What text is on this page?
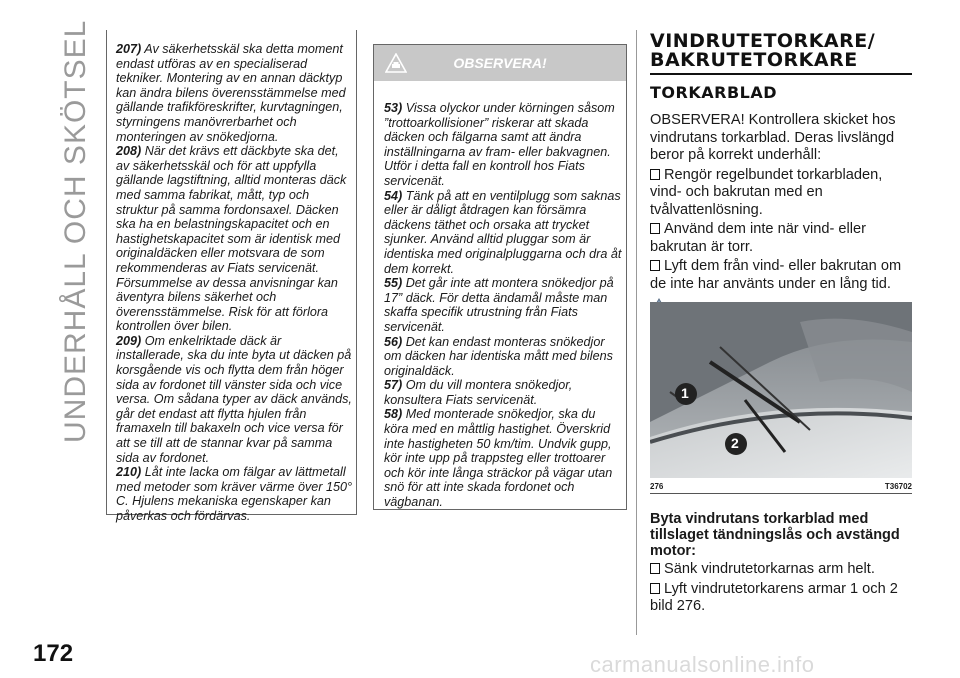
UNDERHÅLL OCH SKÖTSEL
172

207) Av säkerhetsskäl ska detta moment endast utföras av en specialiserad tekniker. Montering av en annan däcktyp kan ändra bilens överensstämmelse med gällande trafikföreskrifter, kurvtagningen, styrningens manövrerbarhet och monteringen av snökedjorna.

208) När det krävs ett däckbyte ska det, av säkerhetsskäl och för att uppfylla gällande lagstiftning, alltid monteras däck med samma fabrikat, mått, typ och struktur på samma fordonsaxel. Däcken ska ha en belastningskapacitet och en hastighetskapacitet som är identisk med originaldäcken eller motsvara de som rekommenderas av Fiats servicenät. Försummelse av dessa anvisningar kan äventyra bilens säkerhet och överensstämmelse. Risk för att förlora kontrollen över bilen.

209) Om enkelriktade däck är installerade, ska du inte byta ut däcken på korsgående vis och flytta dem från höger sida av fordonet till vänster sida och vice versa. Om sådana typer av däck används, går det endast att flytta hjulen från framaxeln till bakaxeln och vice versa för att se till att de stannar kvar på samma sida av fordonet.

210) Låt inte lacka om fälgar av lättmetall med metoder som kräver värme över 150° C. Hjulens mekaniska egenskaper kan påverkas och fördärvas.

OBSERVERA!

53) Vissa olyckor under körningen såsom ”trottoarkollisioner” riskerar att skada däcken och fälgarna samt att ändra inställningarna av fram- eller bakvagnen. Utför i detta fall en kontroll hos Fiats servicenät.

54) Tänk på att en ventilplugg som saknas eller är dåligt åtdragen kan försämra däckens täthet och orsaka att trycket sjunker. Använd alltid pluggar som är identiska med originalpluggarna och dra åt dem korrekt.

55) Det går inte att montera snökedjor på 17” däck. För detta ändamål måste man skaffa specifik utrustning från Fiats servicenät.

56) Det kan endast monteras snökedjor om däcken har identiska mått med bilens originaldäck.

57) Om du vill montera snökedjor, konsultera Fiats servicenät.

58) Med monterade snökedjor, ska du köra med en måttlig hastighet. Överskrid inte hastigheten 50 km/tim. Undvik gupp, kör inte upp på trappsteg eller trottoarer och kör inte långa sträckor på vägar utan snö för att inte skada fordonet och vägbanan.

VINDRUTETORKARE/
BAKRUTETORKARE
TORKARBLAD

OBSERVERA! Kontrollera skicket hos vindrutans torkarblad. Deras livslängd beror på korrekt underhåll:

Rengör regelbundet torkarbladen, vind- och bakrutan med en tvålvattenlösning.

Använd dem inte när vind- eller bakrutan är torr.

Lyft dem från vind- eller bakrutan om de inte har använts under en lång tid.

1
2
276	T36702

Byta vindrutans torkarblad med tillslaget tändningslås och avstängd motor:

Sänk vindrutetorkarnas arm helt.

Lyft vindrutetorkarens armar 1 och 2 bild 276.

carmanualsonline.info
